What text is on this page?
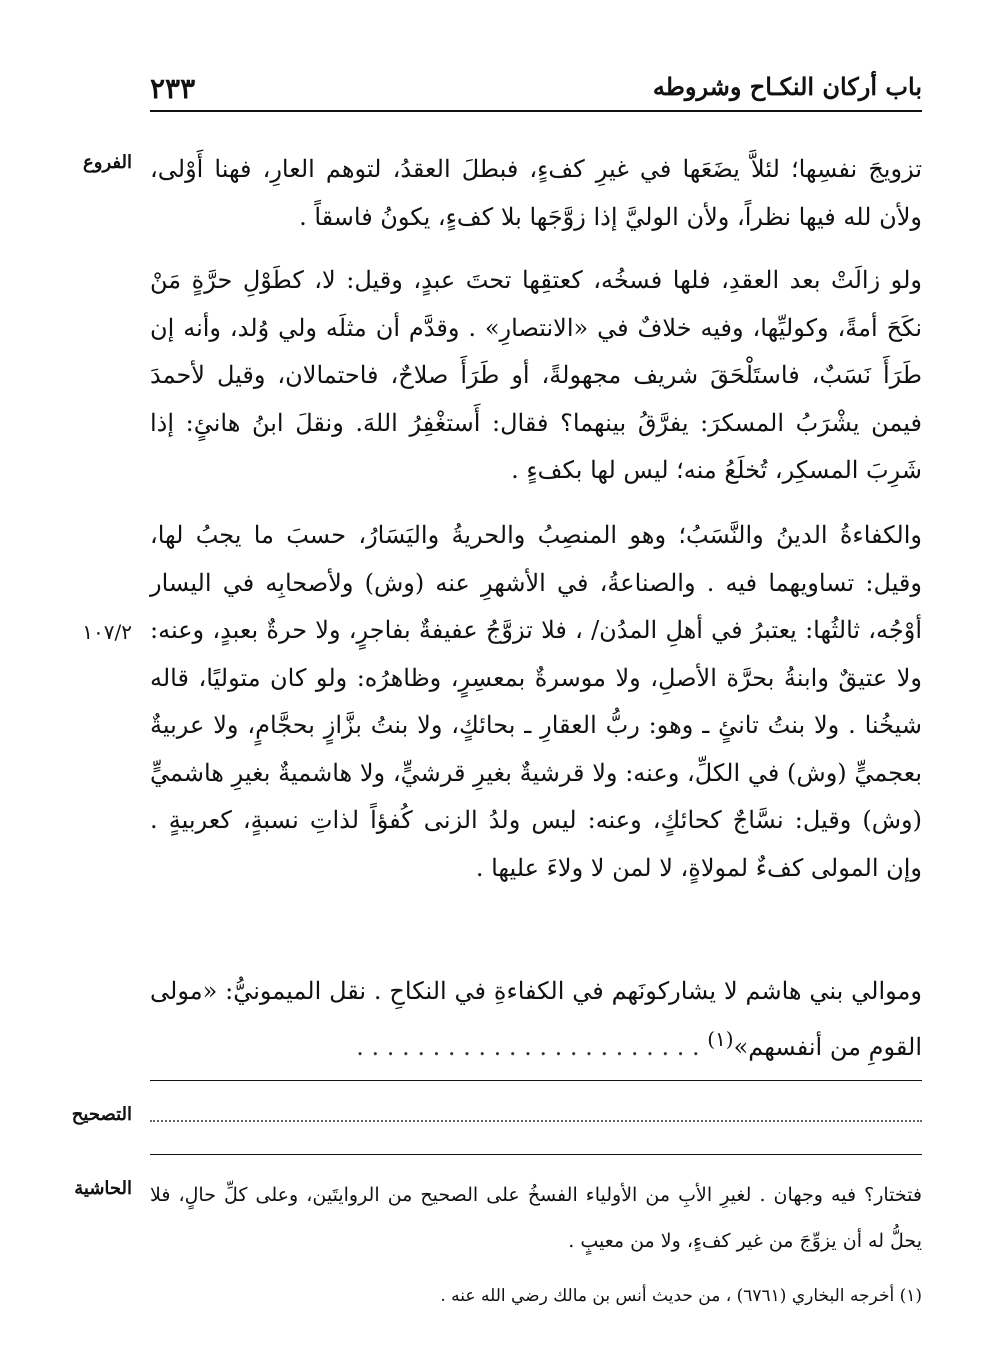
٢٣٣	باب أركان النكـاح وشروطه
الفروع
١٠٧/٢
التصحيح
الحاشية
تزويجَ نفسِها؛ لئلاَّ يضَعَها في غيرِ كفءٍ، فبطلَ العقدُ، لتوهم العارِ، فهنا أَوْلى، ولأن لله فيها نظراً، ولأن الوليَّ إذا زوَّجَها بلا كفءٍ، يكونُ فاسقاً .
ولو زالَتْ بعد العقدِ، فلها فسخُه، كعتقِها تحتَ عبدٍ، وقيل: لا، كطَوْلِ حرَّةٍ مَنْ نكَحَ أمةً، وكوليِّها، وفيه خلافٌ في «الانتصارِ» . وقدَّم أن مثلَه ولي وُلد، وأنه إن طَرَأَ نَسَبٌ، فاستَلْحَقَ شريف مجهولةً، أو طَرَأَ صلاحٌ، فاحتمالان، وقيل لأحمدَ فيمن يشْرَبُ المسكرَ: يفرَّقُ بينهما؟ فقال: أَستغْفِرُ اللهَ. ونقلَ ابنُ هانئٍ: إذا شَرِبَ المسكِر، تُخلَعُ منه؛ ليس لها بكفءٍ .
والكفاءةُ الدينُ والنَّسَبُ؛ وهو المنصِبُ والحريةُ واليَسَارُ، حسبَ ما يجبُ لها، وقيل: تساويهما فيه . والصناعةُ، في الأشهرِ عنه (وش) ولأصحابِه في اليسار أوْجُه، ثالثُها: يعتبرُ في أهلِ المدُن/ ، فلا تزوَّجُ عفيفةٌ بفاجرٍ، ولا حرةٌ بعبدٍ، وعنه: ولا عتيقٌ وابنةُ بحرَّة الأصلِ، ولا موسرةٌ بمعسِرٍ، وظاهرُه: ولو كان متوليًا، قاله شيخُنا . ولا بنتُ تانئٍ ـ وهو: ربُّ العقارِ ـ بحائكٍ، ولا بنتُ بزَّازٍ بحجَّامٍ، ولا عربيةٌ بعجميٍّ (وش) في الكلِّ، وعنه: ولا قرشيةٌ بغيرِ قرشيٍّ، ولا هاشميةٌ بغيرِ هاشميٍّ (وش) وقيل: نسَّاجٌ كحائكٍ، وعنه: ليس ولدُ الزنى كُفؤاً لذاتِ نسبةٍ، كعربيةٍ . وإن المولى كفءٌ لمولاةٍ، لا لمن لا ولاءَ عليها .
وموالي بني هاشم لا يشاركونَهم في الكفاءةِ في النكاحِ . نقل الميمونيُّ: «مولى القومِ من أنفسهم»$^{(١)}$ . . . . . . . . . . . . . . . . . . . . . . .
فتختار؟ فيه وجهان . لغيرِ الأبِ من الأولياء الفسخُ على الصحيح من الروايتَين، وعلى كلِّ حالٍ، فلا يحلُّ له أن يزوِّجَ من غير كفءٍ، ولا من معيبٍ .
(١) أخرجه البخاري (٦٧٦١) ، من حديث أنس بن مالك رضي الله عنه .
